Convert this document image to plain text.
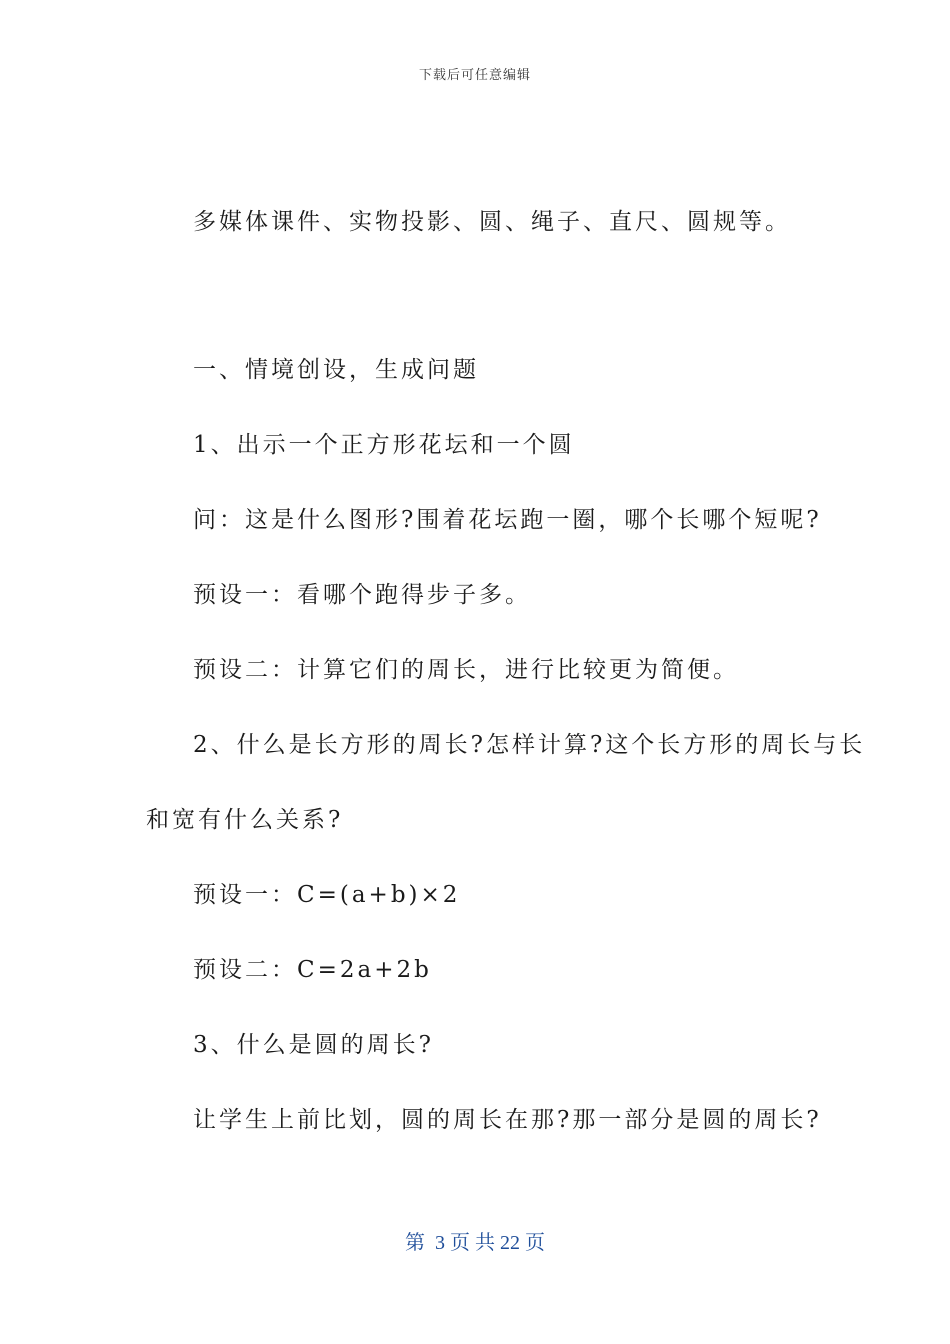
下载后可任意编辑
多媒体课件、实物投影、圆、绳子、直尺、圆规等。
一、情境创设，生成问题
1、出示一个正方形花坛和一个圆
问：这是什么图形?围着花坛跑一圈，哪个长哪个短呢?
预设一：看哪个跑得步子多。
预设二：计算它们的周长，进行比较更为简便。
2、什么是长方形的周长?怎样计算?这个长方形的周长与长
和宽有什么关系?
预设一：C=(a+b)×2
预设二：C=2a+2b
3、什么是圆的周长?
让学生上前比划，圆的周长在那?那一部分是圆的周长?
第  3 页 共 22 页
